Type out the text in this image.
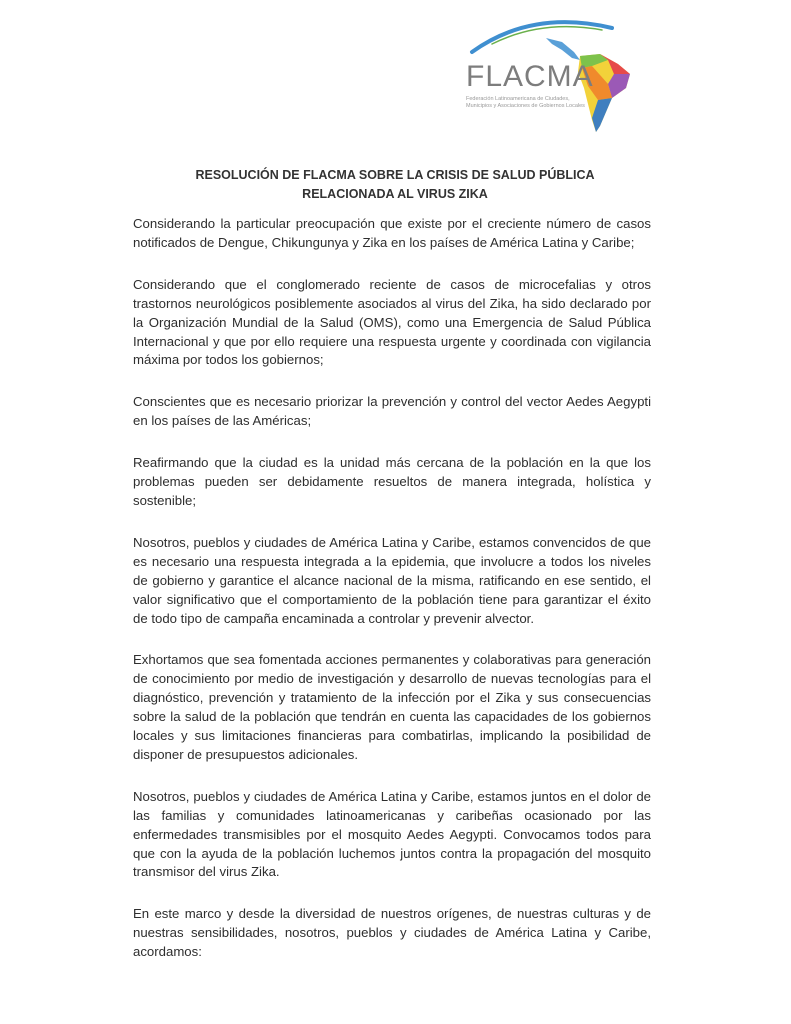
FLACMA
Federación Latinoamericana de Ciudades, Municipios y Asociaciones de Gobiernos Locales
RESOLUCIÓN DE FLACMA SOBRE LA CRISIS DE SALUD PÚBLICA
RELACIONADA AL VIRUS ZIKA

Considerando la particular preocupación que existe por el creciente número de casos notificados de Dengue, Chikungunya y Zika en los países de América Latina y Caribe;

Considerando que el conglomerado reciente de casos de microcefalias y otros trastornos neurológicos posiblemente asociados al virus del Zika, ha sido declarado por la Organización Mundial de la Salud (OMS), como una Emergencia de Salud Pública Internacional y que por ello requiere una respuesta urgente y coordinada con vigilancia máxima por todos los gobiernos;

Conscientes que es necesario priorizar la prevención y control del vector Aedes Aegypti en los países de las Américas;

Reafirmando que la ciudad es la unidad más cercana de la población en la que los problemas pueden ser debidamente resueltos de manera integrada, holística y sostenible;

Nosotros, pueblos y ciudades de América Latina y Caribe, estamos convencidos de que es necesario una respuesta integrada a la epidemia, que involucre a todos los niveles de gobierno y garantice el alcance nacional de la misma, ratificando en ese sentido, el valor significativo que el comportamiento de la población tiene para garantizar el éxito de todo tipo de campaña encaminada a controlar y prevenir alvector.

Exhortamos que sea fomentada acciones permanentes y colaborativas para generación de conocimiento por medio de investigación y desarrollo de nuevas tecnologías para el diagnóstico, prevención y tratamiento de la infección por el Zika y sus consecuencias sobre la salud de la población que tendrán en cuenta las capacidades de los gobiernos locales y sus limitaciones financieras para combatirlas, implicando la posibilidad de disponer de presupuestos adicionales.

Nosotros, pueblos y ciudades de América Latina y Caribe, estamos juntos en el dolor de las familias y comunidades latinoamericanas y caribeñas ocasionado por las enfermedades transmisibles por el mosquito Aedes Aegypti. Convocamos todos para que con la ayuda de la población luchemos juntos contra la propagación del mosquito transmisor del virus Zika.

En este marco y desde la diversidad de nuestros orígenes, de nuestras culturas y de nuestras sensibilidades, nosotros, pueblos y ciudades de América Latina y Caribe, acordamos:
